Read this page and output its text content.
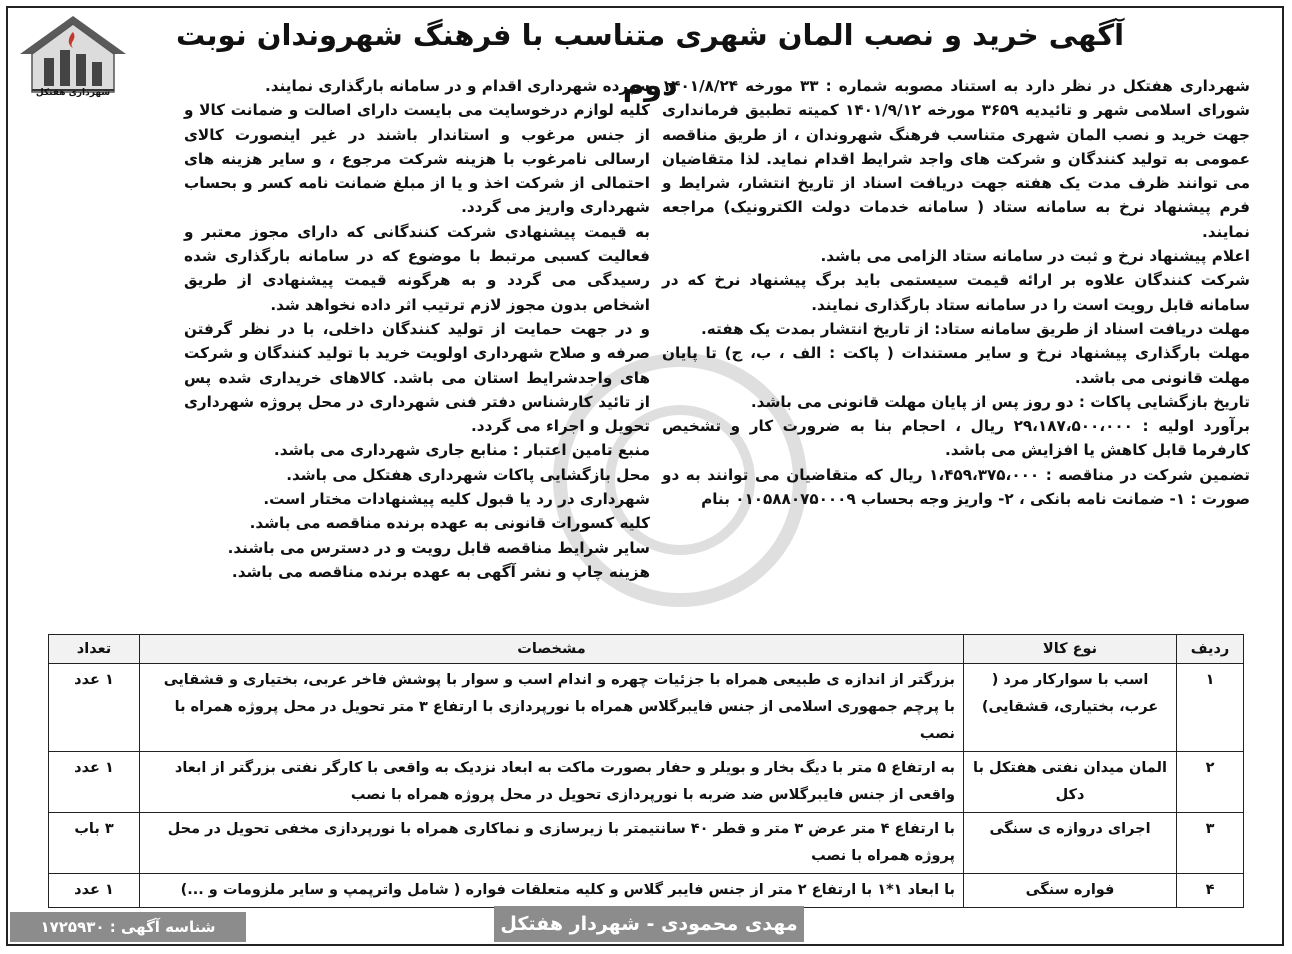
شهرداری هفتکل
آگهی خرید و نصب المان شهری متناسب با فرهنگ شهروندان نوبت دوم

شهرداری هفتکل در نظر دارد به استناد مصوبه شماره : ۳۳ مورخه ۱۴۰۱/۸/۲۴ شورای اسلامی شهر و تائیدیه ۳۶۵۹ مورخه ۱۴۰۱/۹/۱۲ کمیته تطبیق فرمانداری جهت خرید و نصب المان شهری متناسب فرهنگ شهروندان ، از طریق مناقصه عمومی به تولید کنندگان و شرکت های واجد شرایط اقدام نماید. لذا متقاضیان می توانند ظرف مدت یک هفته جهت دریافت اسناد از تاریخ انتشار، شرایط و فرم پیشنهاد نرخ به سامانه ستاد ( سامانه خدمات دولت الکترونیک) مراجعه نمایند.

اعلام پیشنهاد نرخ و ثبت در سامانه ستاد الزامی می باشد.

شرکت کنندگان علاوه بر ارائه قیمت سیستمی باید برگ پیشنهاد نرخ که در سامانه قابل رویت است را در سامانه ستاد بارگذاری نمایند.

مهلت دریافت اسناد از طریق سامانه ستاد: از تاریخ انتشار بمدت یک هفته.

مهلت بارگذاری پیشنهاد نرخ و سایر مستندات ( پاکت : الف ، ب، ج) تا پایان مهلت قانونی می باشد.

تاریخ بازگشایی پاکات : دو روز پس از پایان مهلت قانونی می باشد.

برآورد اولیه : ۲۹،۱۸۷،۵۰۰،۰۰۰ ریال ، احجام بنا به ضرورت کار و تشخیص کارفرما قابل کاهش یا افزایش می باشد.

تضمین شرکت در مناقصه : ۱،۴۵۹،۳۷۵،۰۰۰ ریال که متقاضیان می توانند به دو صورت : ۱- ضمانت نامه بانکی ، ۲- واریز وجه بحساب ۰۱۰۵۸۸۰۷۵۰۰۰۹ بنام

سپرده شهرداری اقدام و در سامانه بارگذاری نمایند.

کلیه لوازم درخوسایت می بایست دارای اصالت و ضمانت کالا و از جنس مرغوب و استاندار باشند در غیر اینصورت کالای ارسالی نامرغوب با هزینه شرکت مرجوع ، و سایر هزینه های احتمالی از شرکت اخذ و یا از مبلغ ضمانت نامه کسر و بحساب شهرداری واریز می گردد.

به قیمت پیشنهادی شرکت کنندگانی که دارای مجوز معتبر و فعالیت کسبی مرتبط با موضوع که در سامانه بارگذاری شده رسیدگی می گردد و به هرگونه قیمت پیشنهادی از طریق اشخاص بدون مجوز لازم ترتیب اثر داده نخواهد شد.

و در جهت حمایت از تولید کنندگان داخلی، با در نظر گرفتن صرفه و صلاح شهرداری اولویت خرید با تولید کنندگان و شرکت های واجدشرایط استان می باشد. کالاهای خریداری شده پس از تائید کارشناس دفتر فنی شهرداری در محل پروژه شهرداری تحویل و اجراء می گردد.

منبع تامین اعتبار : منابع جاری شهرداری می باشد.

محل بازگشایی پاکات شهرداری هفتکل می باشد.

شهرداری در رد یا قبول کلیه پیشنهادات مختار است.

کلیه کسورات قانونی به عهده برنده مناقصه می باشد.

سایر شرایط مناقصه قابل رویت و در دسترس می باشند.

هزینه چاپ و نشر آگهی به عهده برنده مناقصه می باشد.

ردیف	نوع کالا	مشخصات	تعداد
۱	اسب با سوارکار مرد ( عرب، بختیاری، قشقایی)	بزرگتر از اندازه ی طبیعی همراه با جزئیات چهره و اندام اسب و سوار با پوشش فاخر عربی، بختیاری و قشقایی با پرچم جمهوری اسلامی از جنس فایبرگلاس همراه با نورپردازی با ارتفاع ۳ متر تحویل در محل پروژه همراه با نصب	۱ عدد
۲	المان میدان نفتی هفتکل با دکل	به ارتفاع ۵ متر با دیگ بخار و بویلر و حفار بصورت ماکت به ابعاد نزدیک به واقعی با کارگر نفتی بزرگتر از ابعاد واقعی از جنس فایبرگلاس ضد ضربه با نورپردازی تحویل در محل پروژه همراه با نصب	۱ عدد
۳	اجرای دروازه ی سنگی	با ارتفاع ۴ متر عرض ۳ متر و قطر ۴۰ سانتیمتر با زیرسازی و نماکاری همراه با نورپردازی مخفی تحویل در محل پروژه همراه با نصب	۳ باب
۴	فواره سنگی	با ابعاد ۱*۱ با ارتفاع ۲ متر از جنس فایبر گلاس و کلیه متعلقات فواره ( شامل واترپمپ و سایر ملزومات و ...)	۱ عدد
مهدی محمودی - شهردار هفتکل
شناسه آگهی : ۱۷۲۵۹۳۰
